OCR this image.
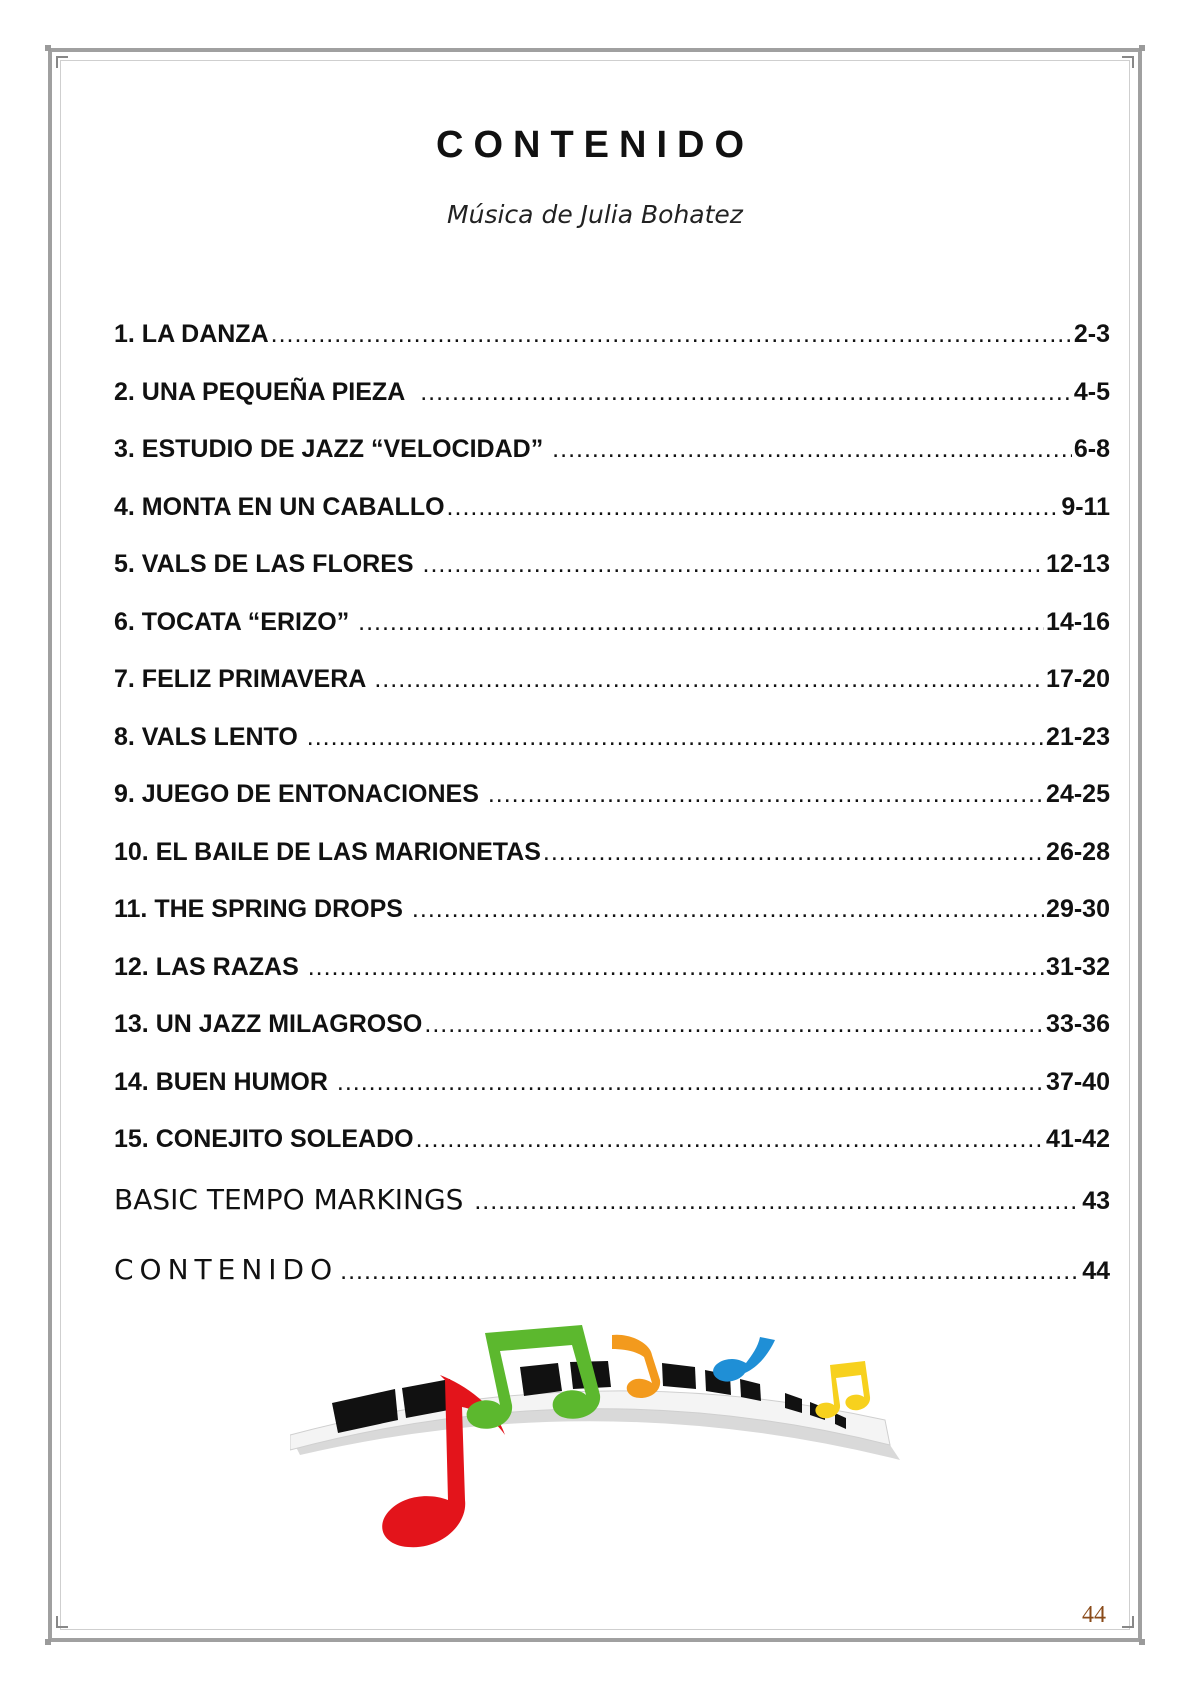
CONTENIDO
Música de Julia Bohatez
1. LA DANZA .....	2-3
2. UNA PEQUEÑA PIEZA .....	4-5
3. ESTUDIO DE JAZZ “VELOCIDAD” .....	6-8
4. MONTA EN UN CABALLO .....	9-11
5. VALS DE LAS FLORES .....	12-13
6. TOCATA “ERIZO” .....	14-16
7. FELIZ PRIMAVERA .....	17-20
8. VALS LENTO .....	21-23
9. JUEGO DE ENTONACIONES .....	24-25
10. EL BAILE DE LAS MARIONETAS .....	26-28
11. THE SPRING DROPS .....	29-30
12. LAS RAZAS .....	31-32
13. UN JAZZ MILAGROSO .....	33-36
14. BUEN HUMOR .....	37-40
15. CONEJITO SOLEADO .....	41-42
BASIC TEMPO MARKINGS .....	43
CONTENIDO .....	44
44
